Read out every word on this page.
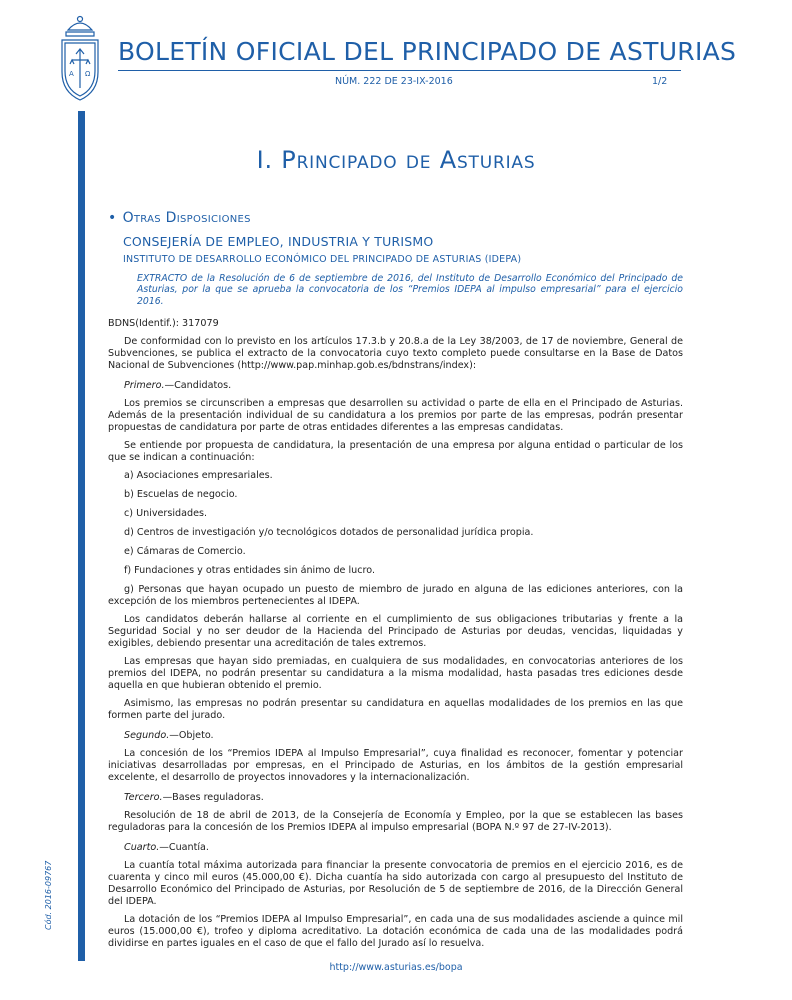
A Ω
Cód. 2016-09767
BOLETÍN OFICIAL DEL PRINCIPADO DE ASTURIAS
NÚM. 222 DE 23-IX-2016	1/2
I. Principado de Asturias
• Otras Disposiciones
CONSEJERÍA DE EMPLEO, INDUSTRIA Y TURISMO
INSTITUTO DE DESARROLLO ECONÓMICO DEL PRINCIPADO DE ASTURIAS (IDEPA)
EXTRACTO de la Resolución de 6 de septiembre de 2016, del Instituto de Desarrollo Económico del Principado de Asturias, por la que se aprueba la convocatoria de los “Premios IDEPA al impulso empresarial” para el ejercicio 2016.

BDNS(Identif.): 317079

De conformidad con lo previsto en los artículos 17.3.b y 20.8.a de la Ley 38/2003, de 17 de noviembre, General de Subvenciones, se publica el extracto de la convocatoria cuyo texto completo puede consultarse en la Base de Datos Nacional de Subvenciones (http://www.pap.minhap.gob.es/bdnstrans/index):

Primero.—Candidatos.

Los premios se circunscriben a empresas que desarrollen su actividad o parte de ella en el Principado de Asturias. Además de la presentación individual de su candidatura a los premios por parte de las empresas, podrán presentar propuestas de candidatura por parte de otras entidades diferentes a las empresas candidatas.

Se entiende por propuesta de candidatura, la presentación de una empresa por alguna entidad o particular de los que se indican a continuación:

a) Asociaciones empresariales.

b) Escuelas de negocio.

c) Universidades.

d) Centros de investigación y/o tecnológicos dotados de personalidad jurídica propia.

e) Cámaras de Comercio.

f) Fundaciones y otras entidades sin ánimo de lucro.

g) Personas que hayan ocupado un puesto de miembro de jurado en alguna de las ediciones anteriores, con la excepción de los miembros pertenecientes al IDEPA.

Los candidatos deberán hallarse al corriente en el cumplimiento de sus obligaciones tributarias y frente a la Seguridad Social y no ser deudor de la Hacienda del Principado de Asturias por deudas, vencidas, liquidadas y exigibles, debiendo presentar una acreditación de tales extremos.

Las empresas que hayan sido premiadas, en cualquiera de sus modalidades, en convocatorias anteriores de los premios del IDEPA, no podrán presentar su candidatura a la misma modalidad, hasta pasadas tres ediciones desde aquella en que hubieran obtenido el premio.

Asimismo, las empresas no podrán presentar su candidatura en aquellas modalidades de los premios en las que formen parte del jurado.

Segundo.—Objeto.

La concesión de los “Premios IDEPA al Impulso Empresarial”, cuya finalidad es reconocer, fomentar y potenciar iniciativas desarrolladas por empresas, en el Principado de Asturias, en los ámbitos de la gestión empresarial excelente, el desarrollo de proyectos innovadores y la internacionalización.

Tercero.—Bases reguladoras.

Resolución de 18 de abril de 2013, de la Consejería de Economía y Empleo, por la que se establecen las bases reguladoras para la concesión de los Premios IDEPA al impulso empresarial (BOPA N.º 97 de 27-IV-2013).

Cuarto.—Cuantía.

La cuantía total máxima autorizada para financiar la presente convocatoria de premios en el ejercicio 2016, es de cuarenta y cinco mil euros (45.000,00 €). Dicha cuantía ha sido autorizada con cargo al presupuesto del Instituto de Desarrollo Económico del Principado de Asturias, por Resolución de 5 de septiembre de 2016, de la Dirección General del IDEPA.

La dotación de los “Premios IDEPA al Impulso Empresarial”, en cada una de sus modalidades asciende a quince mil euros (15.000,00 €), trofeo y diploma acreditativo. La dotación económica de cada una de las modalidades podrá dividirse en partes iguales en el caso de que el fallo del Jurado así lo resuelva.

http://www.asturias.es/bopa
